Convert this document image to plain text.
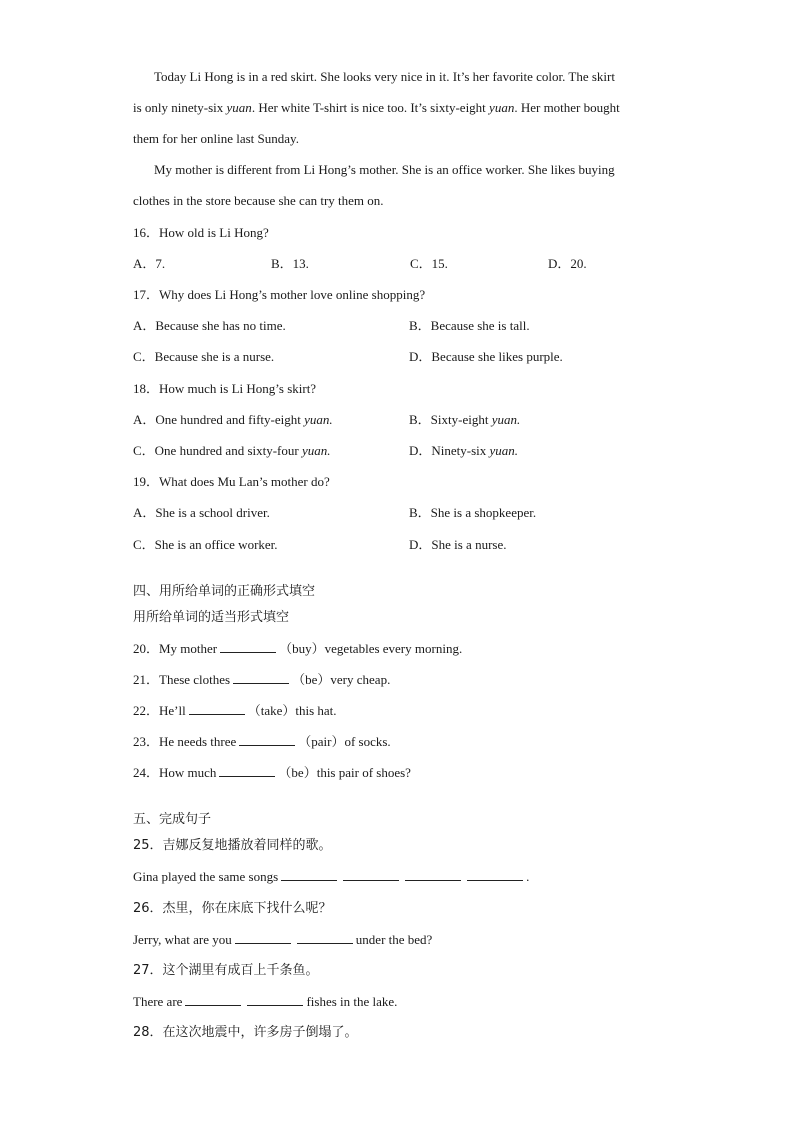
Today Li Hong is in a red skirt. She looks very nice in it. It’s her favorite color. The skirt
is only ninety-six yuan. Her white T-shirt is nice too. It’s sixty-eight yuan. Her mother bought
them for her online last Sunday.
My mother is different from Li Hong’s mother. She is an office worker. She likes buying
clothes in the store because she can try them on.
16．How old is Li Hong?
A．7.	B．13.	C．15.	D．20.
17．Why does Li Hong’s mother love online shopping?
A．Because she has no time.	B．Because she is tall.
C．Because she is a nurse.	D．Because she likes purple.
18．How much is Li Hong’s skirt?
A．One hundred and fifty-eight yuan.	B．Sixty-eight yuan.
C．One hundred and sixty-four yuan.	D．Ninety-six yuan.
19．What does Mu Lan’s mother do?
A．She is a school driver.	B．She is a shopkeeper.
C．She is an office worker.	D．She is a nurse.
四、用所给单词的正确形式填空
用所给单词的适当形式填空
20．My mother	（buy）vegetables every morning.
21．These clothes	（be）very cheap.
22．He’ll	（take）this hat.
23．He needs three	（pair）of socks.
24．How much	（be）this pair of shoes?
五、完成句子
25．吉娜反复地播放着同样的歌。
Gina played the same songs	.
26．杰里，你在床底下找什么呢？
Jerry, what are you	under the bed?
27．这个湖里有成百上千条鱼。
There are	fishes in the lake.
28．在这次地震中，许多房子倒塌了。
